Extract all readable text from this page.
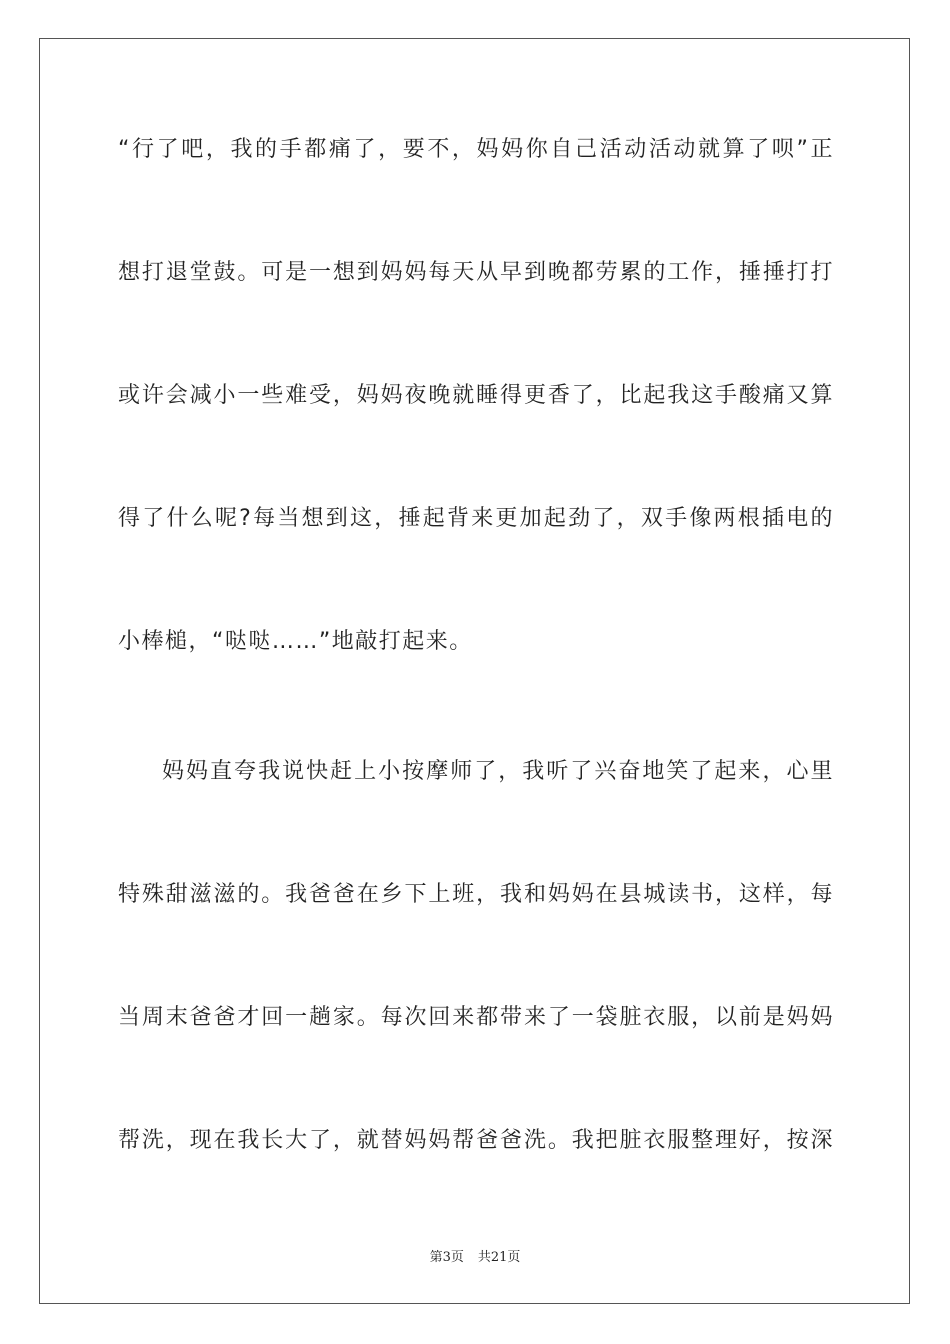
“行了吧，我的手都痛了，要不，妈妈你自己活动活动就算了呗”正
想打退堂鼓。可是一想到妈妈每天从早到晚都劳累的工作，捶捶打打
或许会减小一些难受，妈妈夜晚就睡得更香了，比起我这手酸痛又算
得了什么呢?每当想到这，捶起背来更加起劲了，双手像两根插电的
小棒槌，“哒哒……”地敲打起来。
妈妈直夸我说快赶上小按摩师了，我听了兴奋地笑了起来，心里
特殊甜滋滋的。我爸爸在乡下上班，我和妈妈在县城读书，这样，每
当周末爸爸才回一趟家。每次回来都带来了一袋脏衣服，以前是妈妈
帮洗，现在我长大了，就替妈妈帮爸爸洗。我把脏衣服整理好，按深
第3页 共21页
